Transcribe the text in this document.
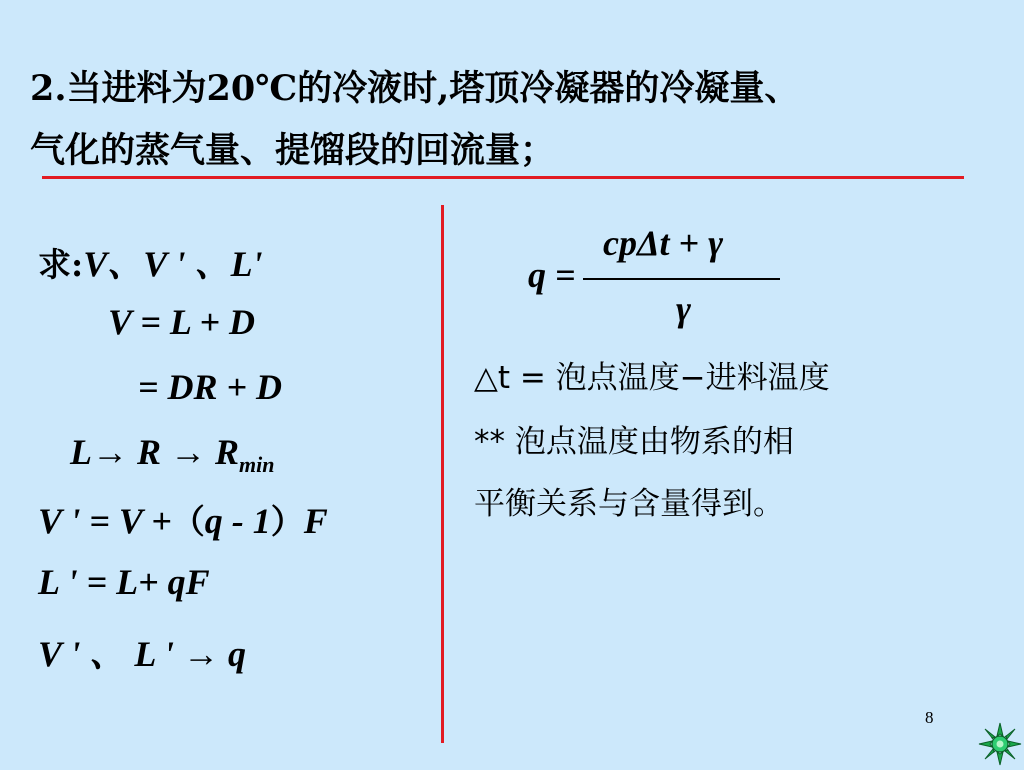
2.当进料为20℃的冷液时,塔顶冷凝器的冷凝量、
气化的蒸气量、提馏段的回流量；
求:V、V ' 、L'
V = L + D
= DR + D
$L\to R \to R_{min}$
V ' = V +（q - 1）F
L ' = L+ qF
V ' 、 L ' → q
q =
cpΔt + γ
γ
△t = 泡点温度−进料温度
** 泡点温度由物系的相
平衡关系与含量得到。
8
